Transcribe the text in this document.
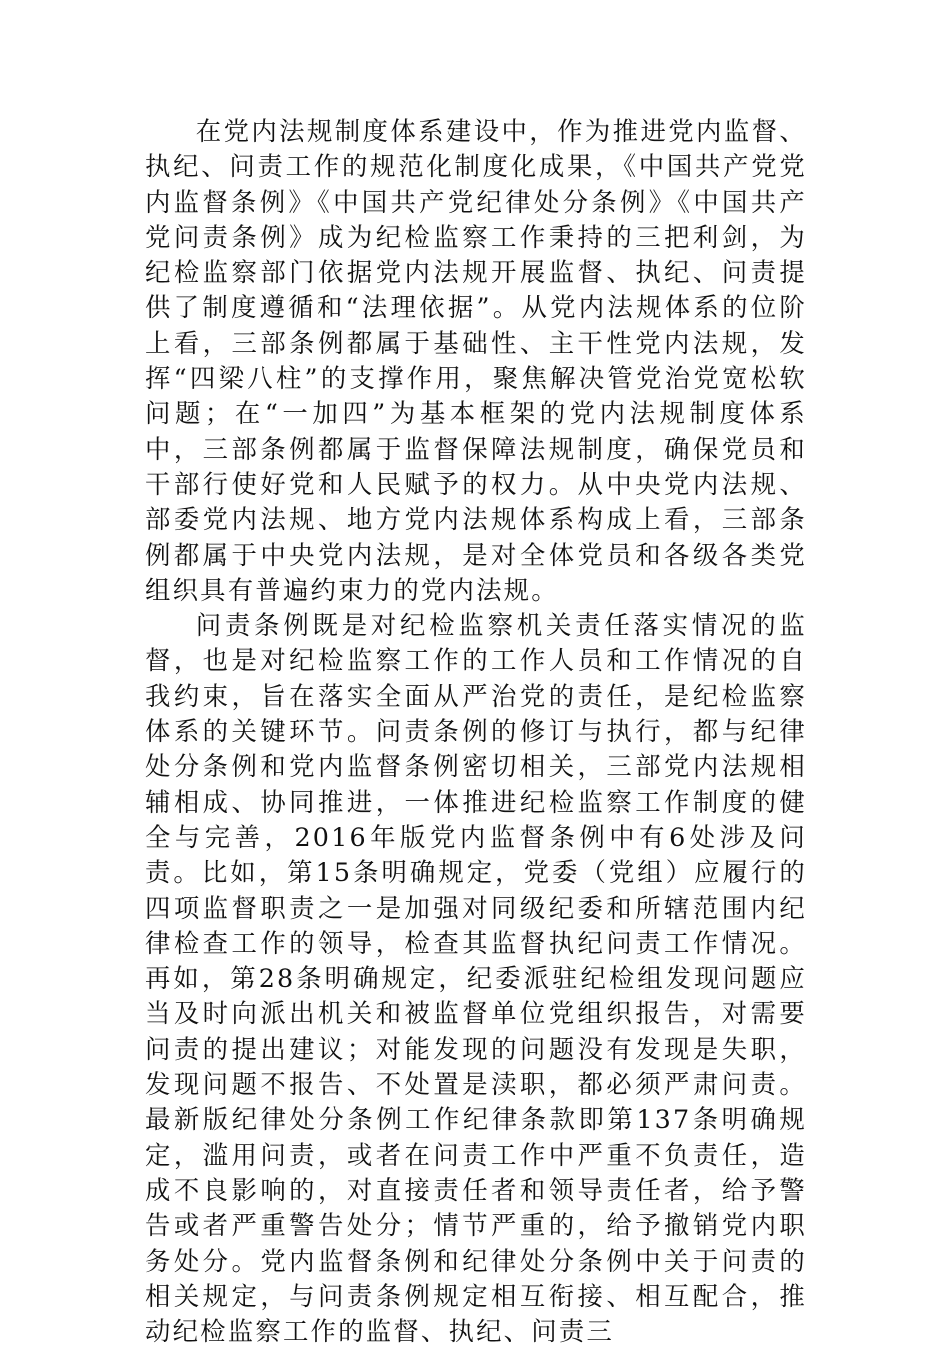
在党内法规制度体系建设中，作为推进党内监督、执纪、问责工作的规范化制度化成果，《中国共产党党内监督条例》《中国共产党纪律处分条例》《中国共产党问责条例》成为纪检监察工作秉持的三把利剑，为纪检监察部门依据党内法规开展监督、执纪、问责提供了制度遵循和“法理依据”。从党内法规体系的位阶上看，三部条例都属于基础性、主干性党内法规，发挥“四梁八柱”的支撑作用，聚焦解决管党治党宽松软问题；在“一加四”为基本框架的党内法规制度体系中，三部条例都属于监督保障法规制度，确保党员和干部行使好党和人民赋予的权力。从中央党内法规、部委党内法规、地方党内法规体系构成上看，三部条例都属于中央党内法规，是对全体党员和各级各类党组织具有普遍约束力的党内法规。

问责条例既是对纪检监察机关责任落实情况的监督，也是对纪检监察工作的工作人员和工作情况的自我约束，旨在落实全面从严治党的责任，是纪检监察体系的关键环节。问责条例的修订与执行，都与纪律处分条例和党内监督条例密切相关，三部党内法规相辅相成、协同推进，一体推进纪检监察工作制度的健全与完善，2016年版党内监督条例中有6处涉及问责。比如，第15条明确规定，党委（党组）应履行的四项监督职责之一是加强对同级纪委和所辖范围内纪律检查工作的领导，检查其监督执纪问责工作情况。再如，第28条明确规定，纪委派驻纪检组发现问题应当及时向派出机关和被监督单位党组织报告，对需要问责的提出建议；对能发现的问题没有发现是失职，发现问题不报告、不处置是渎职，都必须严肃问责。最新版纪律处分条例工作纪律条款即第137条明确规定，滥用问责，或者在问责工作中严重不负责任，造成不良影响的，对直接责任者和领导责任者，给予警告或者严重警告处分；情节严重的，给予撤销党内职务处分。党内监督条例和纪律处分条例中关于问责的相关规定，与问责条例规定相互衔接、相互配合，推动纪检监察工作的监督、执纪、问责三
